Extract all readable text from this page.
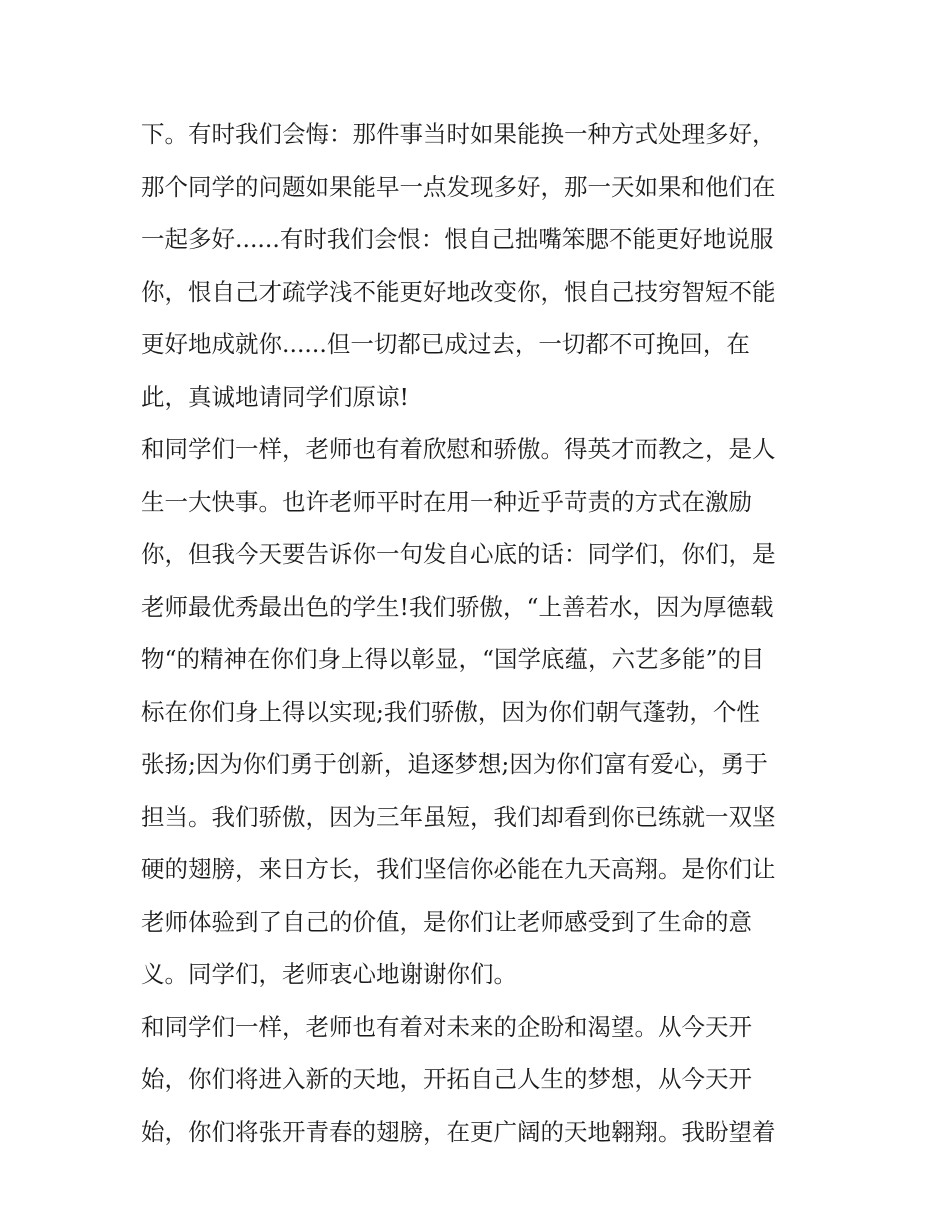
下。有时我们会悔：那件事当时如果能换一种方式处理多好，
那个同学的问题如果能早一点发现多好，那一天如果和他们在
一起多好......有时我们会恨：恨自己拙嘴笨腮不能更好地说服
你，恨自己才疏学浅不能更好地改变你，恨自己技穷智短不能
更好地成就你......但一切都已成过去，一切都不可挽回，在
此，真诚地请同学们原谅!
和同学们一样，老师也有着欣慰和骄傲。得英才而教之，是人
生一大快事。也许老师平时在用一种近乎苛责的方式在激励
你，但我今天要告诉你一句发自心底的话：同学们，你们，是
老师最优秀最出色的学生!我们骄傲，“上善若水，因为厚德载
物“的精神在你们身上得以彰显，“国学底蕴，六艺多能”的目
标在你们身上得以实现;我们骄傲，因为你们朝气蓬勃，个性
张扬;因为你们勇于创新，追逐梦想;因为你们富有爱心，勇于
担当。我们骄傲，因为三年虽短，我们却看到你已练就一双坚
硬的翅膀，来日方长，我们坚信你必能在九天高翔。是你们让
老师体验到了自己的价值，是你们让老师感受到了生命的意
义。同学们，老师衷心地谢谢你们。
和同学们一样，老师也有着对未来的企盼和渴望。从今天开
始，你们将进入新的天地，开拓自己人生的梦想，从今天开
始，你们将张开青春的翅膀，在更广阔的天地翱翔。我盼望着
